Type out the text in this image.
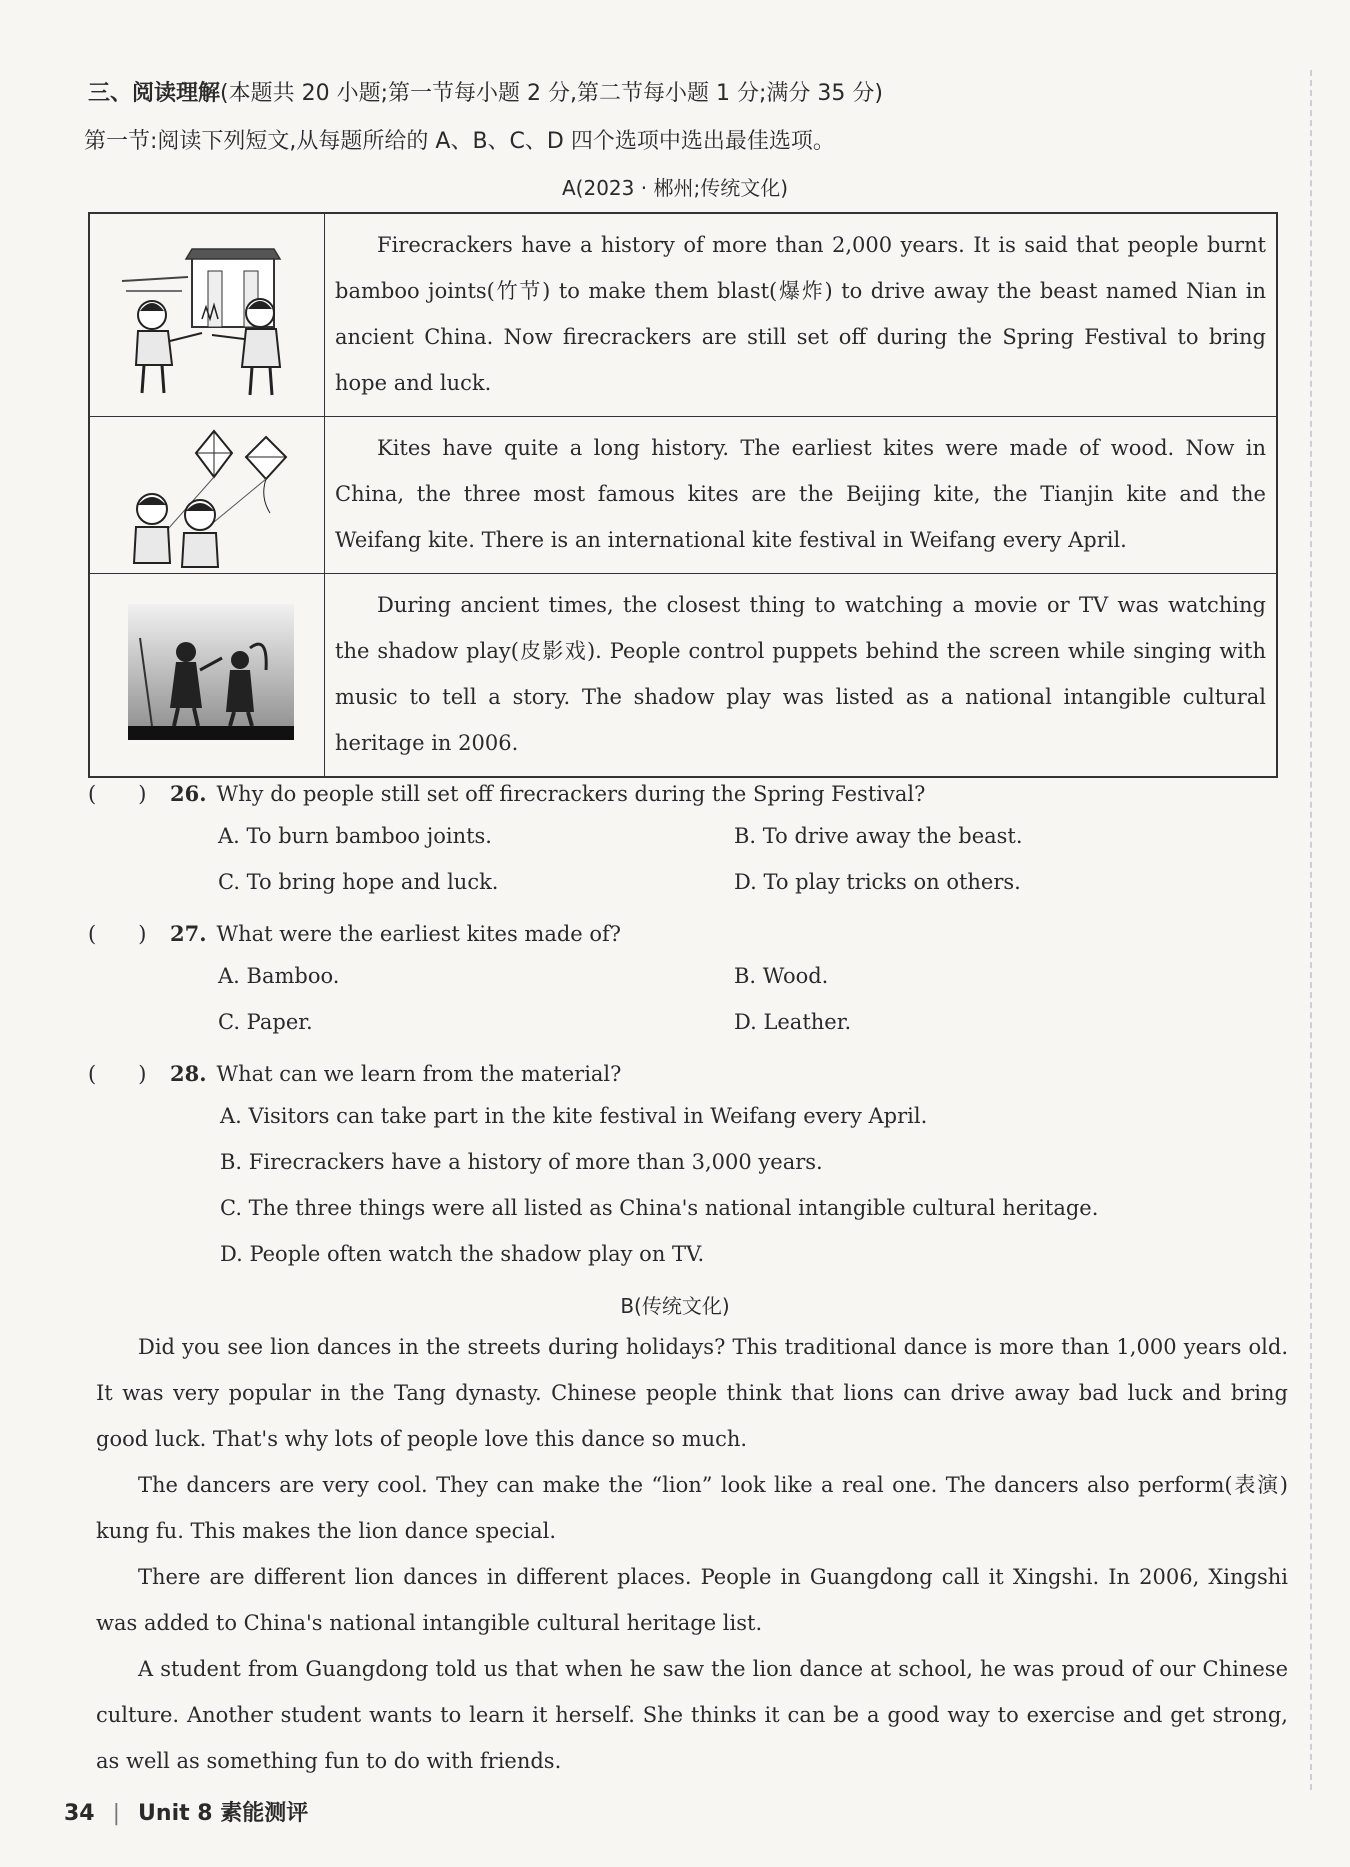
三、阅读理解(本题共 20 小题;第一节每小题 2 分,第二节每小题 1 分;满分 35 分)
第一节:阅读下列短文,从每题所给的 A、B、C、D 四个选项中选出最佳选项。
A(2023 · 郴州;传统文化)

Firecrackers have a history of more than 2,000 years. It is said that people burnt bamboo joints(竹节) to make them blast(爆炸) to drive away the beast named Nian in ancient China. Now firecrackers are still set off during the Spring Festival to bring hope and luck.

Kites have quite a long history. The earliest kites were made of wood. Now in China, the three most famous kites are the Beijing kite, the Tianjin kite and the Weifang kite. There is an international kite festival in Weifang every April.

During ancient times, the closest thing to watching a movie or TV was watching the shadow play(皮影戏). People control puppets behind the screen while singing with music to tell a story. The shadow play was listed as a national intangible cultural heritage in 2006.

(　　) 26. Why do people still set off firecrackers during the Spring Festival?
A. To burn bamboo joints.	B. To drive away the beast.
C. To bring hope and luck.	D. To play tricks on others.
(　　) 27. What were the earliest kites made of?
A. Bamboo.	B. Wood.
C. Paper.	D. Leather.
(　　) 28. What can we learn from the material?
A. Visitors can take part in the kite festival in Weifang every April.
B. Firecrackers have a history of more than 3,000 years.
C. The three things were all listed as China's national intangible cultural heritage.
D. People often watch the shadow play on TV.
B(传统文化)

Did you see lion dances in the streets during holidays? This traditional dance is more than 1,000 years old. It was very popular in the Tang dynasty. Chinese people think that lions can drive away bad luck and bring good luck. That's why lots of people love this dance so much.

The dancers are very cool. They can make the “lion” look like a real one. The dancers also perform(表演) kung fu. This makes the lion dance special.

There are different lion dances in different places. People in Guangdong call it Xingshi. In 2006, Xingshi was added to China's national intangible cultural heritage list.

A student from Guangdong told us that when he saw the lion dance at school, he was proud of our Chinese culture. Another student wants to learn it herself. She thinks it can be a good way to exercise and get strong, as well as something fun to do with friends.

34 | Unit 8 素能测评
